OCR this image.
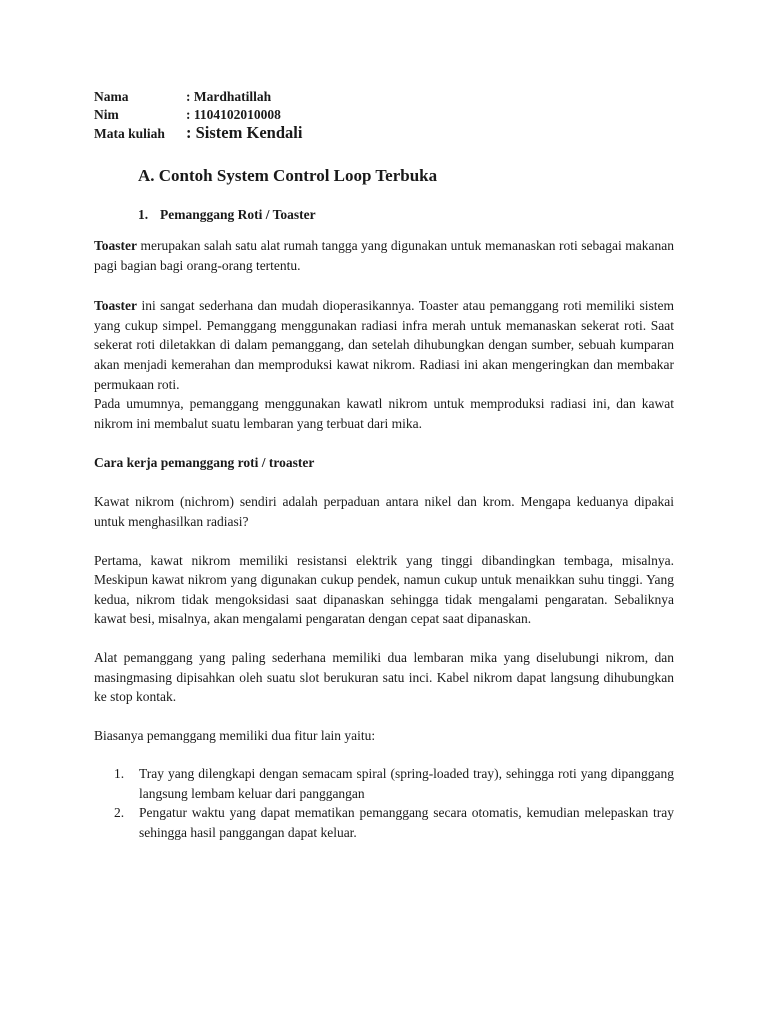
Nama	: Mardhatillah
Nim	: 1104102010008
Mata kuliah	: Sistem Kendali
A. Contoh System Control Loop Terbuka
1. Pemanggang Roti / Toaster

Toaster merupakan salah satu alat rumah tangga yang digunakan untuk memanaskan roti sebagai makanan pagi bagian bagi orang-orang tertentu.

Toaster ini sangat sederhana dan mudah dioperasikannya. Toaster atau pemanggang roti memiliki sistem yang cukup simpel. Pemanggang menggunakan radiasi infra merah untuk memanaskan sekerat roti. Saat sekerat roti diletakkan di dalam pemanggang, dan setelah dihubungkan dengan sumber, sebuah kumparan akan menjadi kemerahan dan memproduksi kawat nikrom. Radiasi ini akan mengeringkan dan membakar permukaan roti.

Pada umumnya, pemanggang menggunakan kawatl nikrom untuk memproduksi radiasi ini, dan kawat nikrom ini membalut suatu lembaran yang terbuat dari mika.

Cara kerja pemanggang roti / troaster

Kawat nikrom (nichrom) sendiri adalah perpaduan antara nikel dan krom. Mengapa keduanya dipakai untuk menghasilkan radiasi?

Pertama, kawat nikrom memiliki resistansi elektrik yang tinggi dibandingkan tembaga, misalnya. Meskipun kawat nikrom yang digunakan cukup pendek, namun cukup untuk menaikkan suhu tinggi. Yang kedua, nikrom tidak mengoksidasi saat dipanaskan sehingga tidak mengalami pengaratan. Sebaliknya kawat besi, misalnya, akan mengalami pengaratan dengan cepat saat dipanaskan.

Alat pemanggang yang paling sederhana memiliki dua lembaran mika yang diselubungi nikrom, dan masingmasing dipisahkan oleh suatu slot berukuran satu inci. Kabel nikrom dapat langsung dihubungkan ke stop kontak.

Biasanya pemanggang memiliki dua fitur lain yaitu:

1.	Tray yang dilengkapi dengan semacam spiral (spring-loaded tray), sehingga roti yang dipanggang langsung lembam keluar dari panggangan
2.	Pengatur waktu yang dapat mematikan pemanggang secara otomatis, kemudian melepaskan tray sehingga hasil panggangan dapat keluar.
